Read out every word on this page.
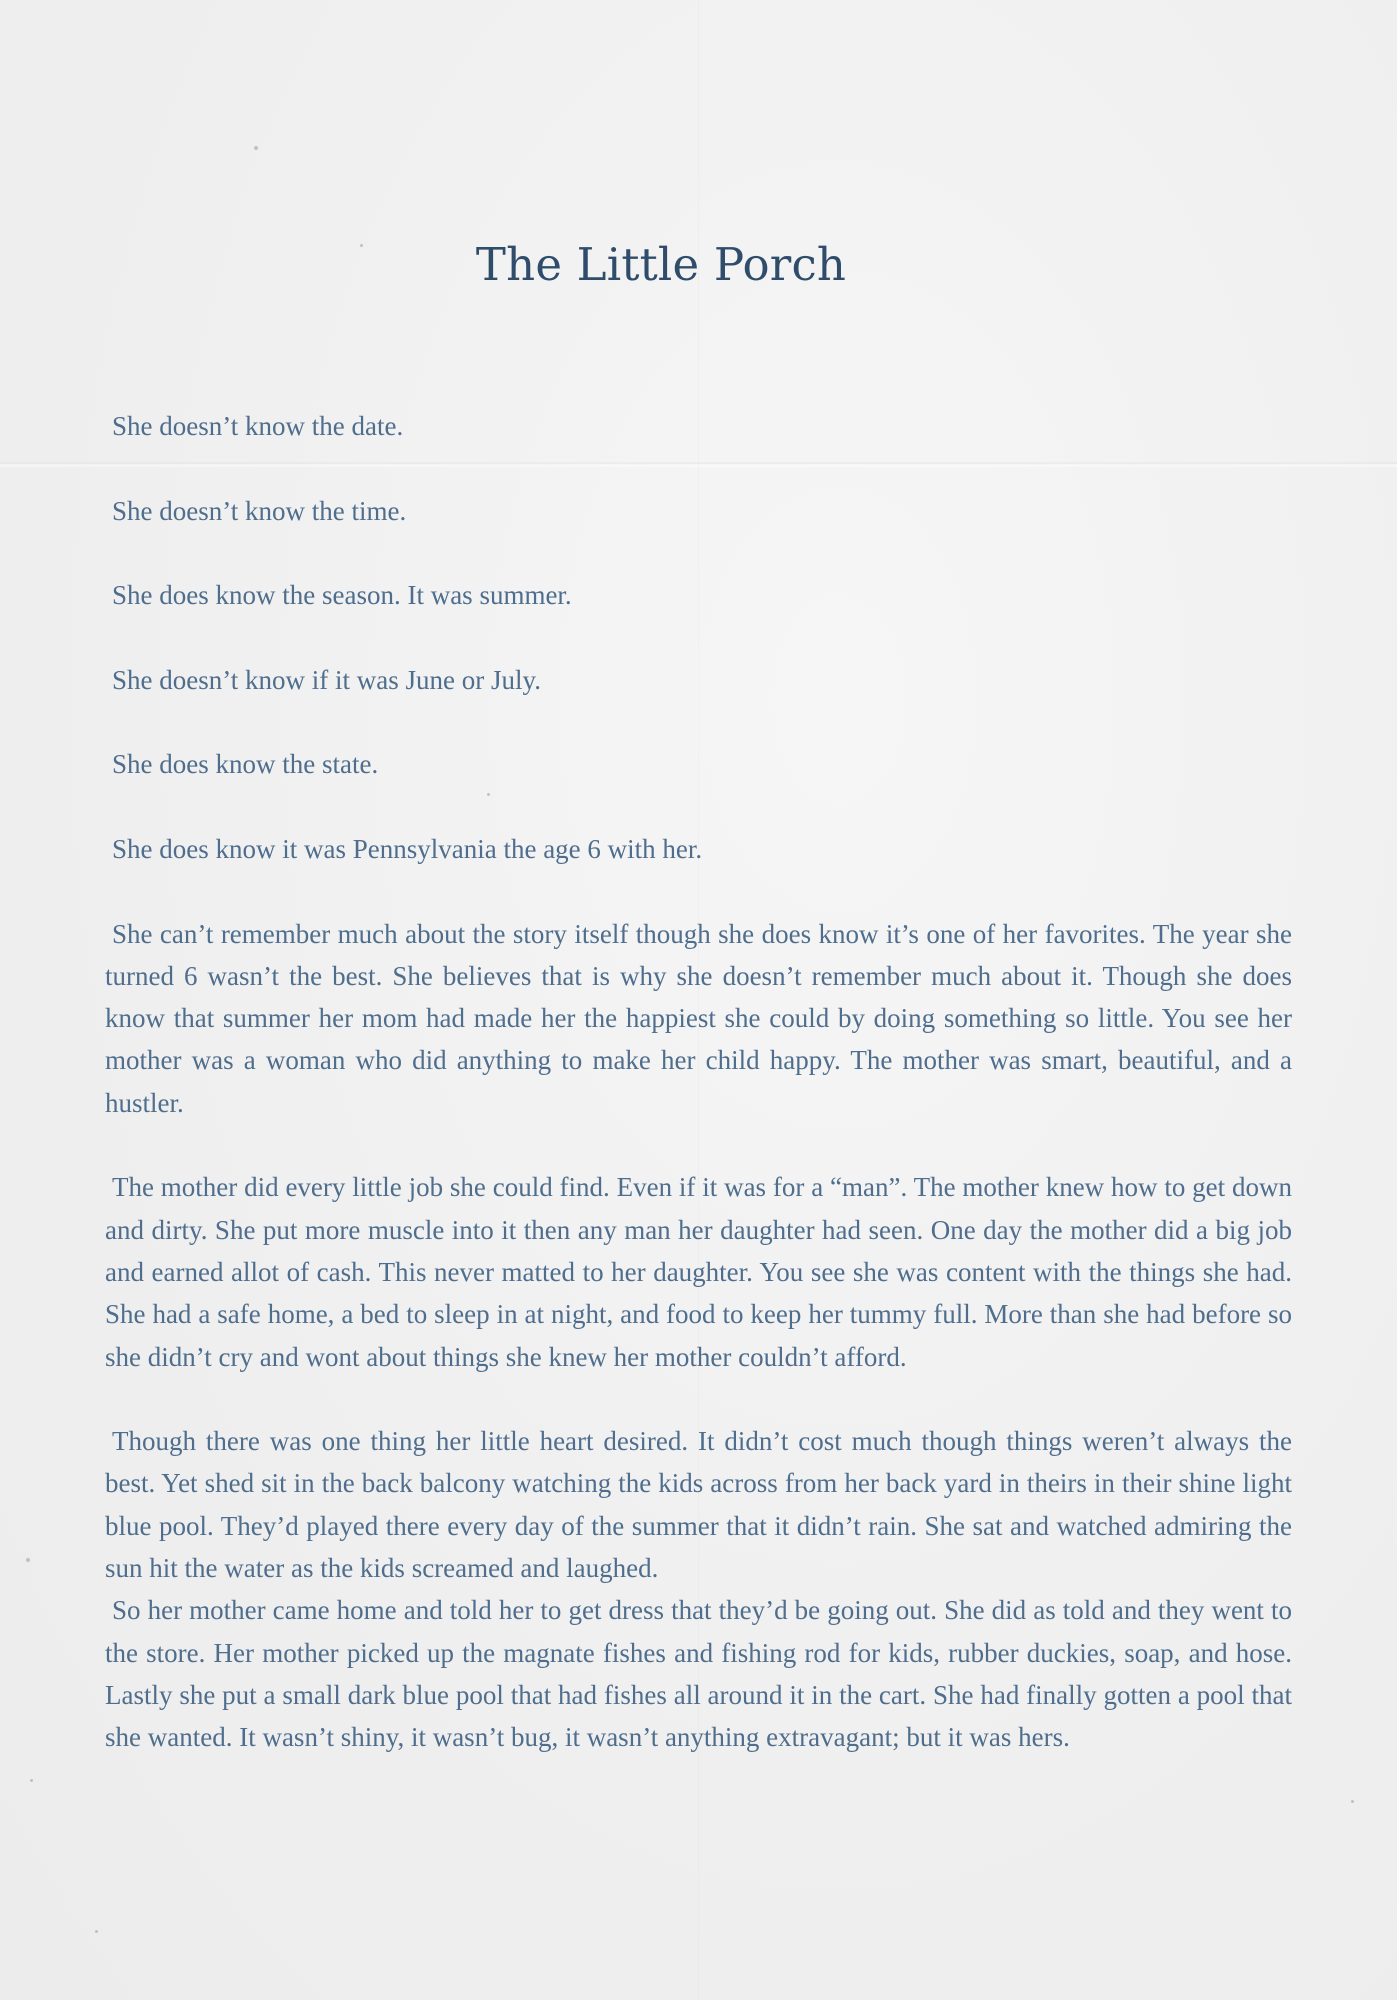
The Little Porch
She doesn’t know the date.
She doesn’t know the time.
She does know the season. It was summer.
She doesn’t know if it was June or July.
She does know the state.
She does know it was Pennsylvania the age 6 with her.

She can’t remember much about the story itself though she does know it’s one of her favorites. The year she turned 6 wasn’t the best. She believes that is why she doesn’t remember much about it. Though she does know that summer her mom had made her the happiest she could by doing something so little. You see her mother was a woman who did anything to make her child happy. The mother was smart, beautiful, and a hustler.

The mother did every little job she could find. Even if it was for a “man”. The mother knew how to get down and dirty. She put more muscle into it then any man her daughter had seen. One day the mother did a big job and earned allot of cash. This never matted to her daughter. You see she was content with the things she had. She had a safe home, a bed to sleep in at night, and food to keep her tummy full. More than she had before so she didn’t cry and wont about things she knew her mother couldn’t afford.

Though there was one thing her little heart desired. It didn’t cost much though things weren’t always the best. Yet shed sit in the back balcony watching the kids across from her back yard in theirs in their shine light blue pool. They’d played there every day of the summer that it didn’t rain. She sat and watched admiring the sun hit the water as the kids screamed and laughed.

So her mother came home and told her to get dress that they’d be going out. She did as told and they went to the store. Her mother picked up the magnate fishes and fishing rod for kids, rubber duckies, soap, and hose. Lastly she put a small dark blue pool that had fishes all around it in the cart. She had finally gotten a pool that she wanted. It wasn’t shiny, it wasn’t bug, it wasn’t anything extravagant; but it was hers.
